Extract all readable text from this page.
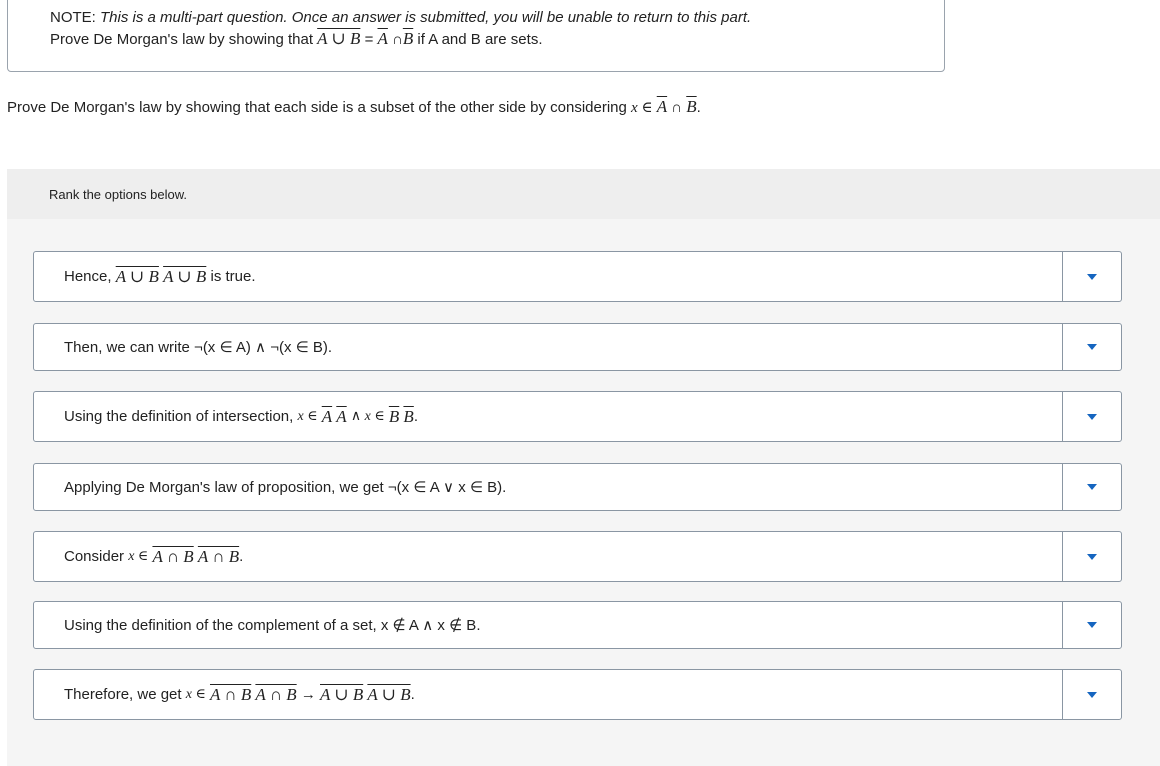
NOTE: This is a multi-part question. Once an answer is submitted, you will be unable to return to this part.
Prove De Morgan's law by showing that A ∪ $B = \overline{A}$ $\cap\overline{B}$ if A and B are sets.
Prove De Morgan's law by showing that each side is a subset of the other side by considering x ∈ $\overline{A}$ ∩ $\overline{B}$.
Rank the options below.
Hence,
A ∪ B
A ∪ B
is true.
Then, we can write ¬(x ∈ A) ∧ ¬(x ∈ B).
Using the definition of intersection,
x ∈
$\overline{A}$
$\overline{A}$
∧ x ∈
$\overline{B}$
$\overline{B}$ .
Applying De Morgan's law of proposition, we get ¬(x ∈ A ∨ x ∈ B).
Consider
x ∈
A ∩ B
A ∩ B .
Using the definition of the complement of a set, x ∉ A ∧ x ∉ B.
Therefore, we get
x ∈
A ∩ B
A ∩ B
→
A ∪ B
A ∪ B .
